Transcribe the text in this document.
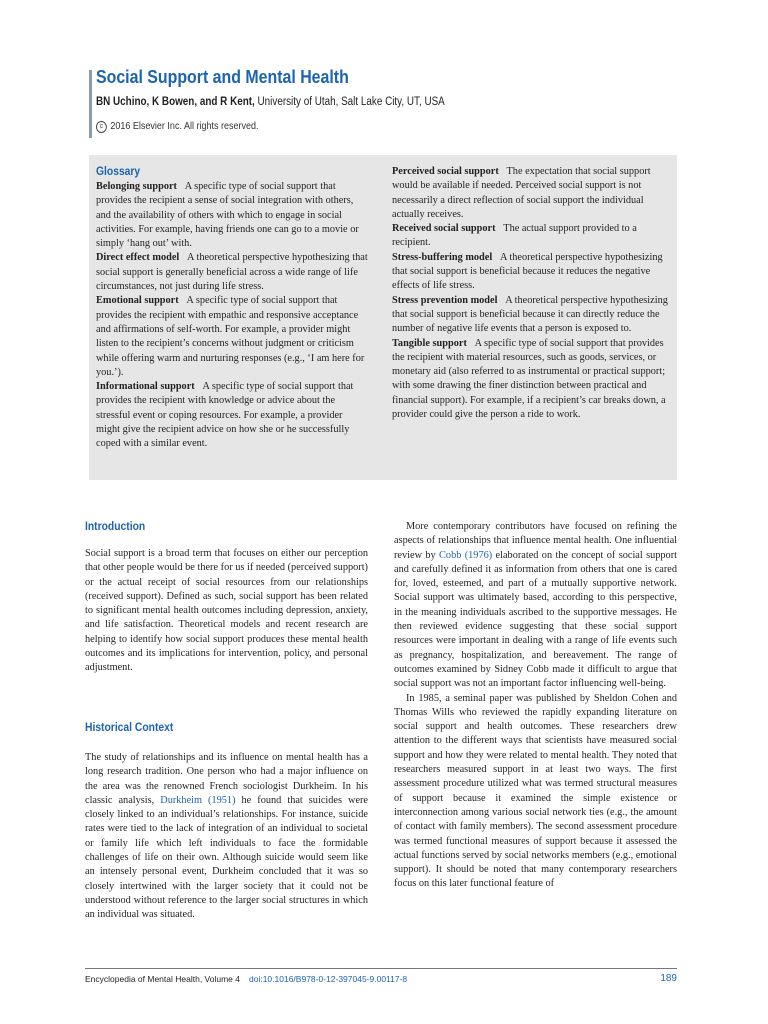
Social Support and Mental Health
BN Uchino, K Bowen, and R Kent, University of Utah, Salt Lake City, UT, USA
c 2016 Elsevier Inc. All rights reserved.
Glossary

Belonging support A specific type of social support that provides the recipient a sense of social integration with others, and the availability of others with which to engage in social activities. For example, having friends one can go to a movie or simply ‘hang out’ with.

Direct effect model A theoretical perspective hypothesizing that social support is generally beneficial across a wide range of life circumstances, not just during life stress.

Emotional support A specific type of social support that provides the recipient with empathic and responsive acceptance and affirmations of self-worth. For example, a provider might listen to the recipient’s concerns without judgment or criticism while offering warm and nurturing responses (e.g., ‘I am here for you.’).

Informational support A specific type of social support that provides the recipient with knowledge or advice about the stressful event or coping resources. For example, a provider might give the recipient advice on how she or he successfully coped with a similar event.

Perceived social support The expectation that social support would be available if needed. Perceived social support is not necessarily a direct reflection of social support the individual actually receives.

Received social support The actual support provided to a recipient.

Stress-buffering model A theoretical perspective hypothesizing that social support is beneficial because it reduces the negative effects of life stress.

Stress prevention model A theoretical perspective hypothesizing that social support is beneficial because it can directly reduce the number of negative life events that a person is exposed to.

Tangible support A specific type of social support that provides the recipient with material resources, such as goods, services, or monetary aid (also referred to as instrumental or practical support; with some drawing the finer distinction between practical and financial support). For example, if a recipient’s car breaks down, a provider could give the person a ride to work.

Introduction

Social support is a broad term that focuses on either our perception that other people would be there for us if needed (perceived support) or the actual receipt of social resources from our relationships (received support). Defined as such, social support has been related to significant mental health outcomes including depression, anxiety, and life satisfaction. Theoretical models and recent research are helping to identify how social support produces these mental health outcomes and its implications for intervention, policy, and personal adjustment.

Historical Context

The study of relationships and its influence on mental health has a long research tradition. One person who had a major influence on the area was the renowned French sociologist Durkheim. In his classic analysis, Durkheim (1951) he found that suicides were closely linked to an individual’s relationships. For instance, suicide rates were tied to the lack of integration of an individual to societal or family life which left individuals to face the formidable challenges of life on their own. Although suicide would seem like an intensely personal event, Durkheim concluded that it was so closely intertwined with the larger society that it could not be understood without reference to the larger social structures in which an individual was situated.

More contemporary contributors have focused on refining the aspects of relationships that influence mental health. One influential review by Cobb (1976) elaborated on the concept of social support and carefully defined it as information from others that one is cared for, loved, esteemed, and part of a mutually supportive network. Social support was ultimately based, according to this perspective, in the meaning individuals ascribed to the supportive messages. He then reviewed evidence suggesting that these social support resources were important in dealing with a range of life events such as pregnancy, hospitalization, and bereavement. The range of outcomes examined by Sidney Cobb made it difficult to argue that social support was not an important factor influencing well-being.

In 1985, a seminal paper was published by Sheldon Cohen and Thomas Wills who reviewed the rapidly expanding literature on social support and health outcomes. These researchers drew attention to the different ways that scientists have measured social support and how they were related to mental health. They noted that researchers measured support in at least two ways. The first assessment procedure utilized what was termed structural measures of support because it examined the simple existence or interconnection among various social network ties (e.g., the amount of contact with family members). The second assessment procedure was termed functional measures of support because it assessed the actual functions served by social networks members (e.g., emotional support). It should be noted that many contemporary researchers focus on this later functional feature of

Encyclopedia of Mental Health, Volume 4 doi:10.1016/B978-0-12-397045-9.00117-8	189
